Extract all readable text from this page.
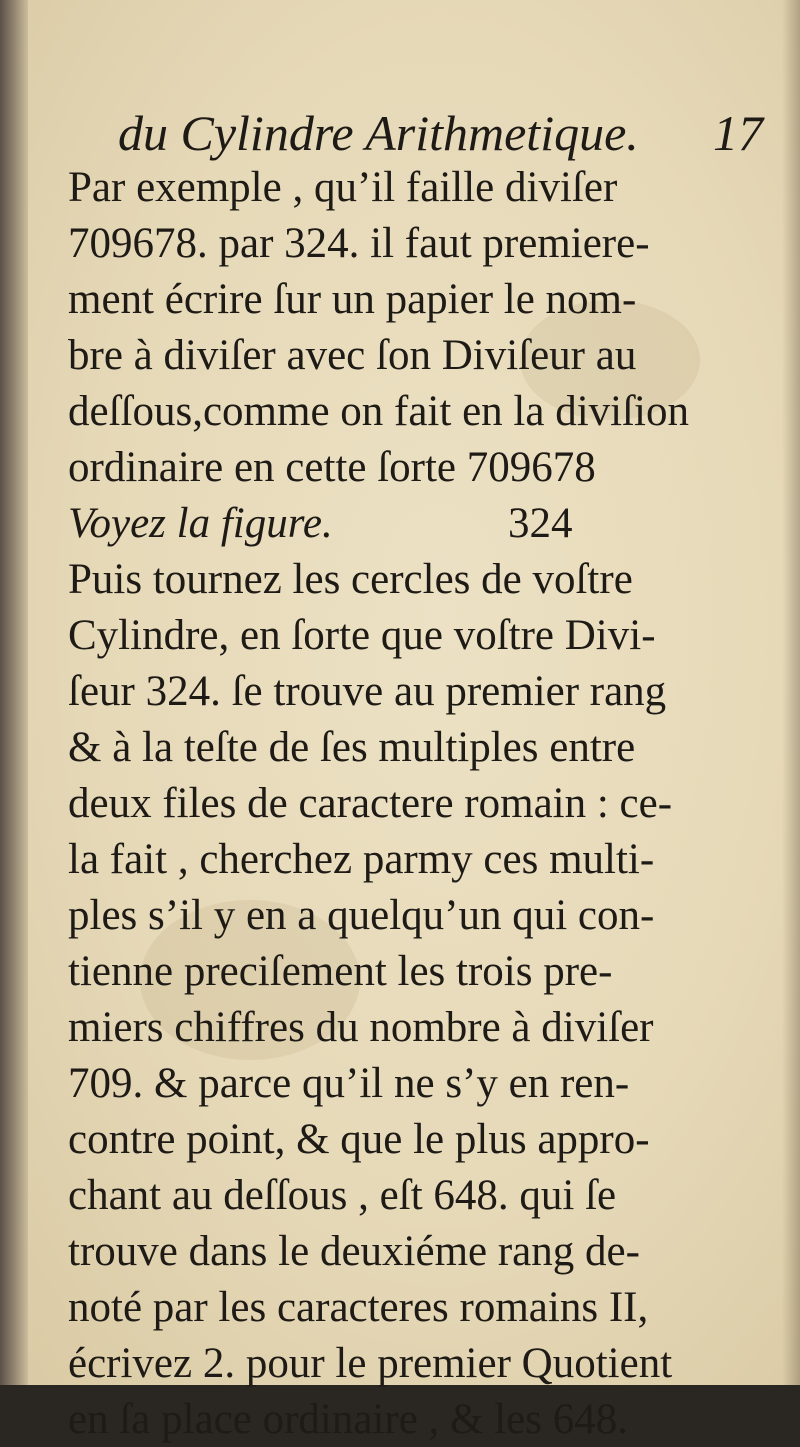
du Cylindre Arithmetique. 17
Par exemple , qu’il faille diviſer
709678. par 324. il faut premiere-
ment écrire ſur un papier le nom-
bre à diviſer avec ſon Diviſeur au
deſſous,comme on fait en la diviſion
ordinaire en cette ſorte 709678
Voyez la figure.	324
Puis tournez les cercles de voſtre
Cylindre, en ſorte que voſtre Divi-
ſeur 324. ſe trouve au premier rang
& à la teſte de ſes multiples entre
deux files de caractere romain : ce-
la fait , cherchez parmy ces multi-
ples s’il y en a quelqu’un qui con-
tienne preciſement les trois pre-
miers chiffres du nombre à diviſer
709. & parce qu’il ne s’y en ren-
contre point, & que le plus appro-
chant au deſſous , eſt 648. qui ſe
trouve dans le deuxiéme rang de-
noté par les caracteres romains II,
écrivez 2. pour le premier Quotient
en ſa place ordinaire , & les 648.
